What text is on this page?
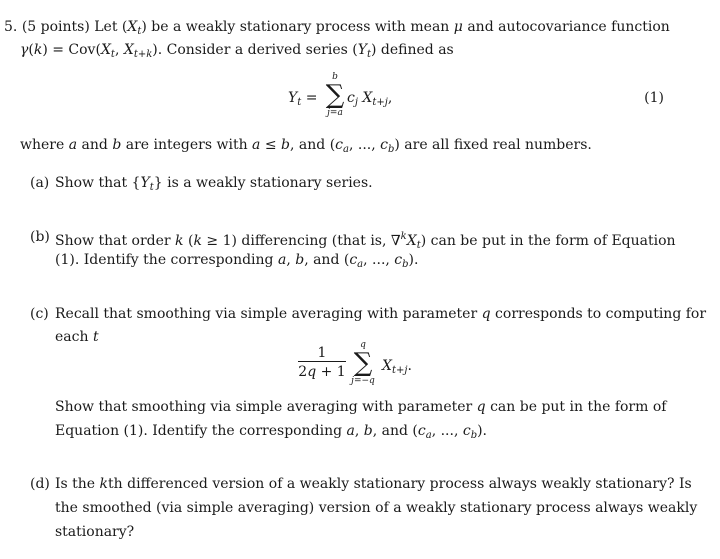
5. (5 points) Let $(X_t)$ be a weakly stationary process with mean μ and autocovariance function
$\gamma(k) = Cov(X_t$, $X_{t+k}$). Consider a derived series $(Y_t)$ defined as
$Y_t$ =
b
∑
j=a
$c_j$ $X_{t+j}$,	(1)
where a and b are integers with a ≤ b, and ($c_a$, ..., $c_b$) are all fixed real numbers.
(a) Show that $\{Y_t\}$ is a weakly stationary series.
(b) Show that order k (k ≥ 1) differencing (that is, $\nabla^kX_t$) can be put in the form of Equation
(1). Identify the corresponding a, b, and ($c_a$, ..., $c_b$).
(c) Recall that smoothing via simple averaging with parameter q corresponds to computing for
each t
$\frac{1}{2q + 1}$	q
∑
j=−q
$X_{t+j}$.
Show that smoothing via simple averaging with parameter q can be put in the form of
Equation (1). Identify the corresponding a, b, and ($c_a$, ..., $c_b$).
(d) Is the kth differenced version of a weakly stationary process always weakly stationary? Is
the smoothed (via simple averaging) version of a weakly stationary process always weakly
stationary?
